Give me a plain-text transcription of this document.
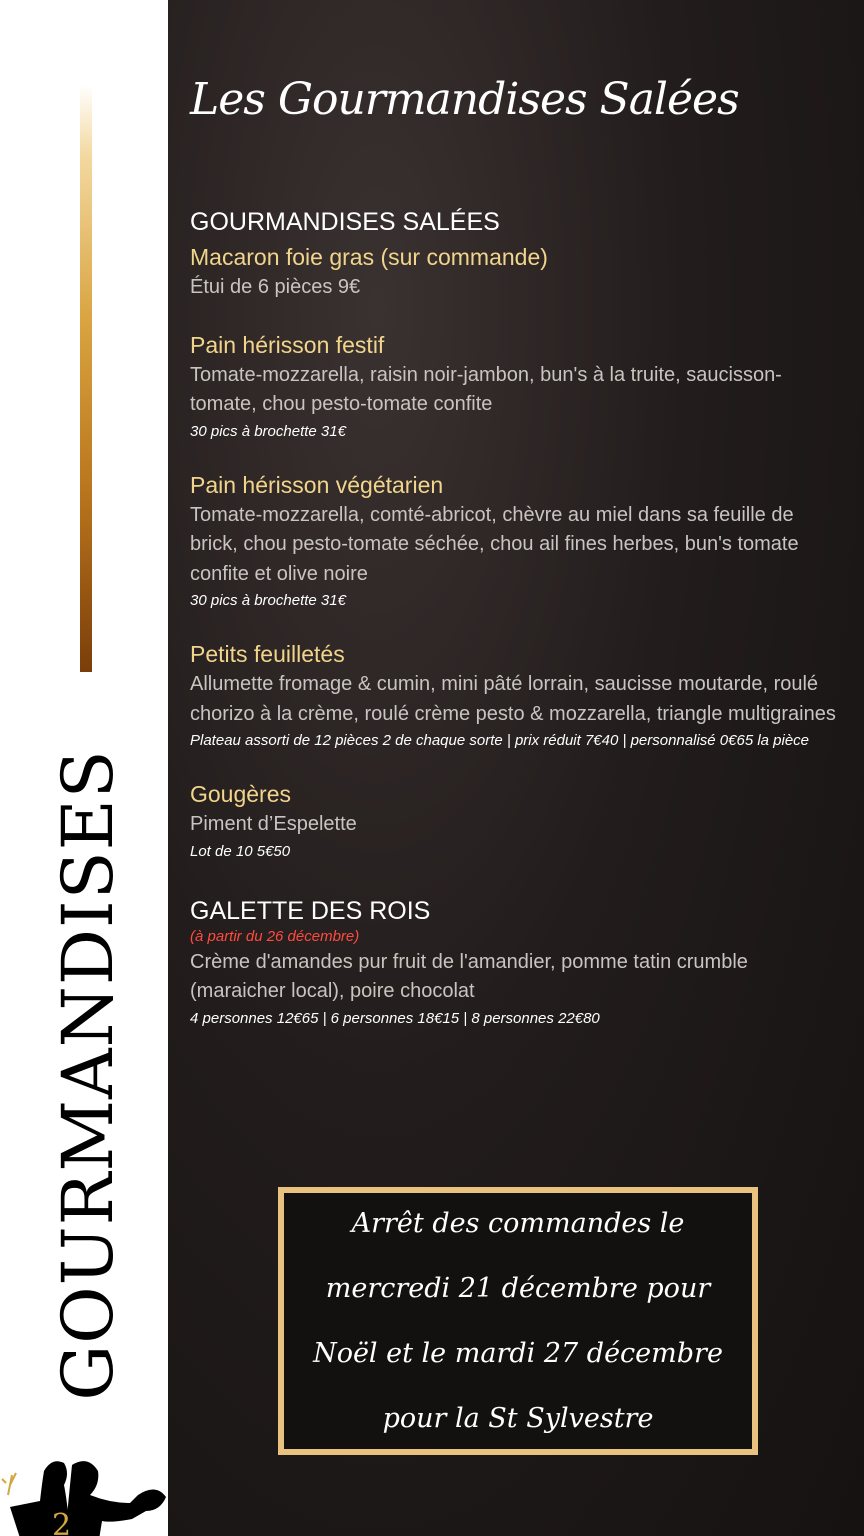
GOURMANDISES
2
Les Gourmandises Salées
GOURMANDISES SALÉES
Macaron foie gras (sur commande)
Étui de 6 pièces 9€
Pain hérisson festif
Tomate-mozzarella, raisin noir-jambon, bun's à la truite, saucisson-tomate, chou pesto-tomate confite
30 pics à brochette 31€
Pain hérisson végétarien
Tomate-mozzarella, comté-abricot, chèvre au miel dans sa feuille de brick, chou pesto-tomate séchée, chou ail fines herbes, bun's tomate confite et olive noire
30 pics à brochette 31€
Petits feuilletés
Allumette fromage & cumin, mini pâté lorrain, saucisse moutarde, roulé chorizo à la crème, roulé crème pesto & mozzarella, triangle multigraines
Plateau assorti de 12 pièces 2 de chaque sorte | prix réduit 7€40 | personnalisé 0€65 la pièce
Gougères
Piment d’Espelette
Lot de 10 5€50
GALETTE DES ROIS
(à partir du 26 décembre)
Crème d'amandes pur fruit de l'amandier, pomme tatin crumble (maraicher local), poire chocolat
4 personnes 12€65 | 6 personnes 18€15 | 8 personnes 22€80

Arrêt des commandes le mercredi 21 décembre pour Noël et le mardi 27 décembre pour la St Sylvestre
